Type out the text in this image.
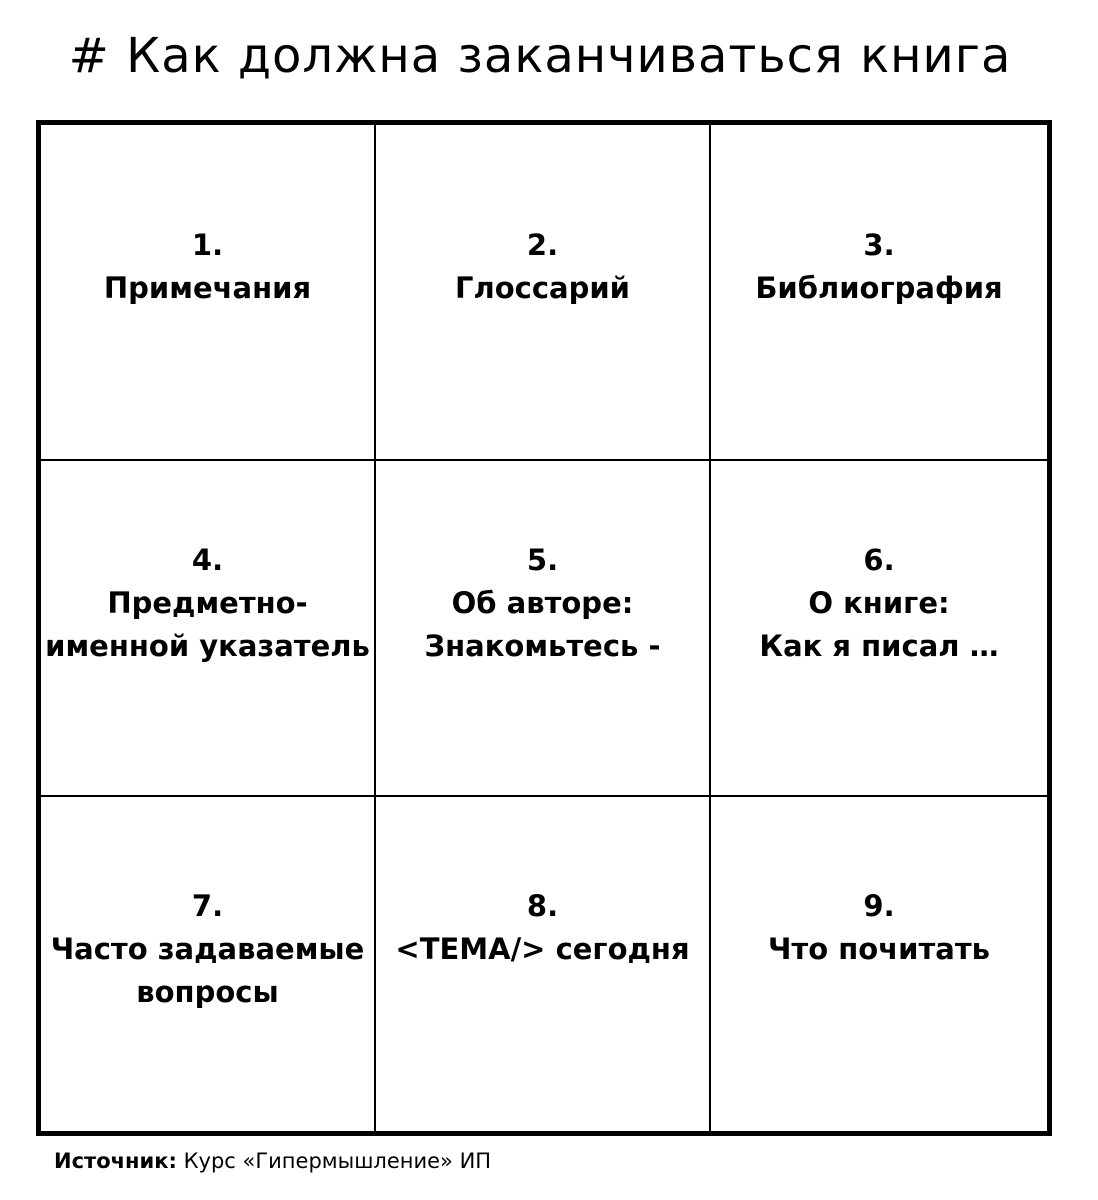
# Как должна заканчиваться книга
1.
Примечания
2.
Глоссарий
3.
Библиография
4.
Предметно-
именной указатель
5.
Об авторе:
Знакомьтесь -
6.
О книге:
Как я писал …
7.
Часто задаваемые
вопросы
8.
<ТЕМА/> сегодня
9.
Что почитать
Источник: Курс «Гипермышление» ИП
